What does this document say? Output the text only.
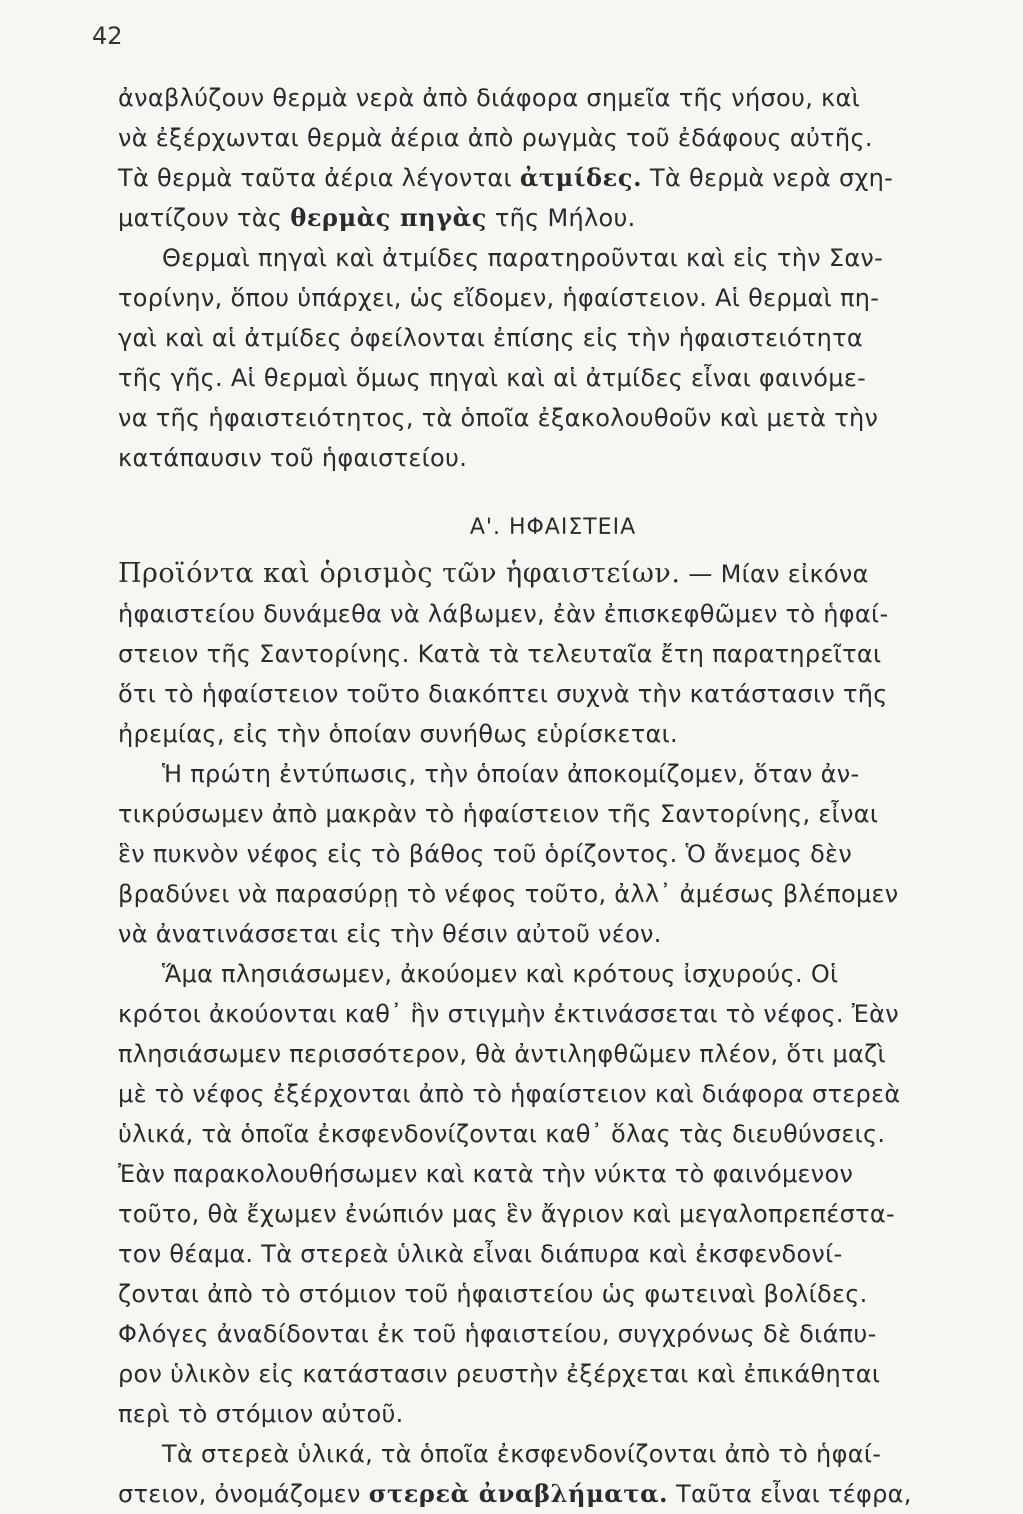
42
ἀναβλύζουν θερμὰ νερὰ ἀπὸ διάφορα σημεῖα τῆς νήσου, καὶ
νὰ ἐξέρχωνται θερμὰ ἀέρια ἀπὸ ρωγμὰς τοῦ ἐδάφους αὐτῆς.
Τὰ θερμὰ ταῦτα ἀέρια λέγονται ἀτμίδες. Τὰ θερμὰ νερὰ σχη-
ματίζουν τὰς θερμὰς πηγὰς τῆς Μήλου.
Θερμαὶ πηγαὶ καὶ ἀτμίδες παρατηροῦνται καὶ εἰς τὴν Σαν-
τορίνην, ὅπου ὑπάρχει, ὡς εἴδομεν, ἡφαίστειον. Αἱ θερμαὶ πη-
γαὶ καὶ αἱ ἀτμίδες ὀφείλονται ἐπίσης εἰς τὴν ἡφαιστειότητα
τῆς γῆς. Αἱ θερμαὶ ὅμως πηγαὶ καὶ αἱ ἀτμίδες εἶναι φαινόμε-
να τῆς ἡφαιστειότητος, τὰ ὁποῖα ἐξακολουθοῦν καὶ μετὰ τὴν
κατάπαυσιν τοῦ ἡφαιστείου.
Α'. ΗΦΑΙΣΤΕΙΑ
Προϊόντα καὶ ὁρισμὸς τῶν ἡφαιστείων. — Μίαν εἰκόνα
ἡφαιστείου δυνάμεθα νὰ λάβωμεν, ἐὰν ἐπισκεφθῶμεν τὸ ἡφαί-
στειον τῆς Σαντορίνης. Κατὰ τὰ τελευταῖα ἔτη παρατηρεῖται
ὅτι τὸ ἡφαίστειον τοῦτο διακόπτει συχνὰ τὴν κατάστασιν τῆς
ἠρεμίας, εἰς τὴν ὁποίαν συνήθως εὑρίσκεται.
Ἡ πρώτη ἐντύπωσις, τὴν ὁποίαν ἀποκομίζομεν, ὅταν ἀν-
τικρύσωμεν ἀπὸ μακρὰν τὸ ἡφαίστειον τῆς Σαντορίνης, εἶναι
ἓν πυκνὸν νέφος εἰς τὸ βάθος τοῦ ὁρίζοντος. Ὁ ἄνεμος δὲν
βραδύνει νὰ παρασύρῃ τὸ νέφος τοῦτο, ἀλλ᾿ ἀμέσως βλέπομεν
νὰ ἀνατινάσσεται εἰς τὴν θέσιν αὐτοῦ νέον.
Ἅμα πλησιάσωμεν, ἀκούομεν καὶ κρότους ἰσχυρούς. Οἱ
κρότοι ἀκούονται καθ᾿ ἣν στιγμὴν ἐκτινάσσεται τὸ νέφος. Ἐὰν
πλησιάσωμεν περισσότερον, θὰ ἀντιληφθῶμεν πλέον, ὅτι μαζὶ
μὲ τὸ νέφος ἐξέρχονται ἀπὸ τὸ ἡφαίστειον καὶ διάφορα στερεὰ
ὑλικά, τὰ ὁποῖα ἐκσφενδονίζονται καθ᾿ ὅλας τὰς διευθύνσεις.
Ἐὰν παρακολουθήσωμεν καὶ κατὰ τὴν νύκτα τὸ φαινόμενον
τοῦτο, θὰ ἔχωμεν ἐνώπιόν μας ἓν ἄγριον καὶ μεγαλοπρεπέστα-
τον θέαμα. Τὰ στερεὰ ὑλικὰ εἶναι διάπυρα καὶ ἐκσφενδονί-
ζονται ἀπὸ τὸ στόμιον τοῦ ἡφαιστείου ὡς φωτειναὶ βολίδες.
Φλόγες ἀναδίδονται ἐκ τοῦ ἡφαιστείου, συγχρόνως δὲ διάπυ-
ρον ὑλικὸν εἰς κατάστασιν ρευστὴν ἐξέρχεται καὶ ἐπικάθηται
περὶ τὸ στόμιον αὐτοῦ.
Τὰ στερεὰ ὑλικά, τὰ ὁποῖα ἐκσφενδονίζονται ἀπὸ τὸ ἡφαί-
στειον, ὀνομάζομεν στερεὰ ἀναβλήματα. Ταῦτα εἶναι τέφρα,
